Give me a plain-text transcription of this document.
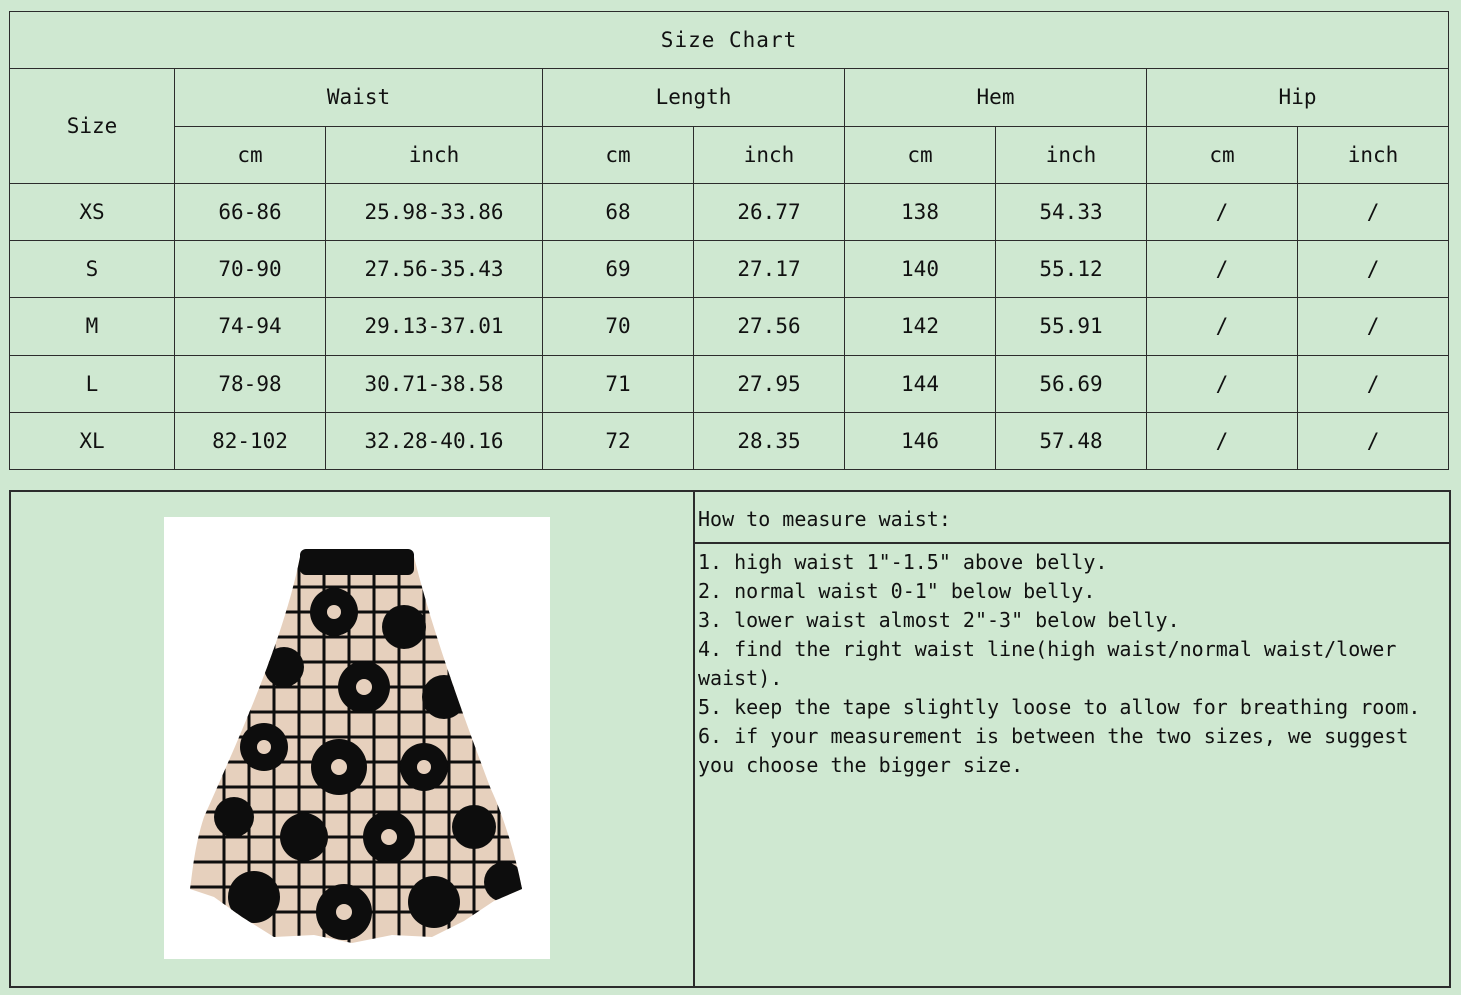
Size Chart								
Size	Waist		Length		Hem		Hip	
	cm	inch	cm	inch	cm	inch	cm	inch
XS	66-86	25.98-33.86	68	26.77	138	54.33	/	/
S	70-90	27.56-35.43	69	27.17	140	55.12	/	/
M	74-94	29.13-37.01	70	27.56	142	55.91	/	/
L	78-98	30.71-38.58	71	27.95	144	56.69	/	/
XL	82-102	32.28-40.16	72	28.35	146	57.48	/	/
How to measure waist:
1. high waist 1"-1.5" above belly.
2. normal waist 0-1" below belly.
3. lower waist almost 2"-3" below belly.
4. find the right waist line(high waist/normal waist/lower waist).
5. keep the tape slightly loose to allow for breathing room.
6. if your measurement is between the two sizes, we suggest you choose the bigger size.
